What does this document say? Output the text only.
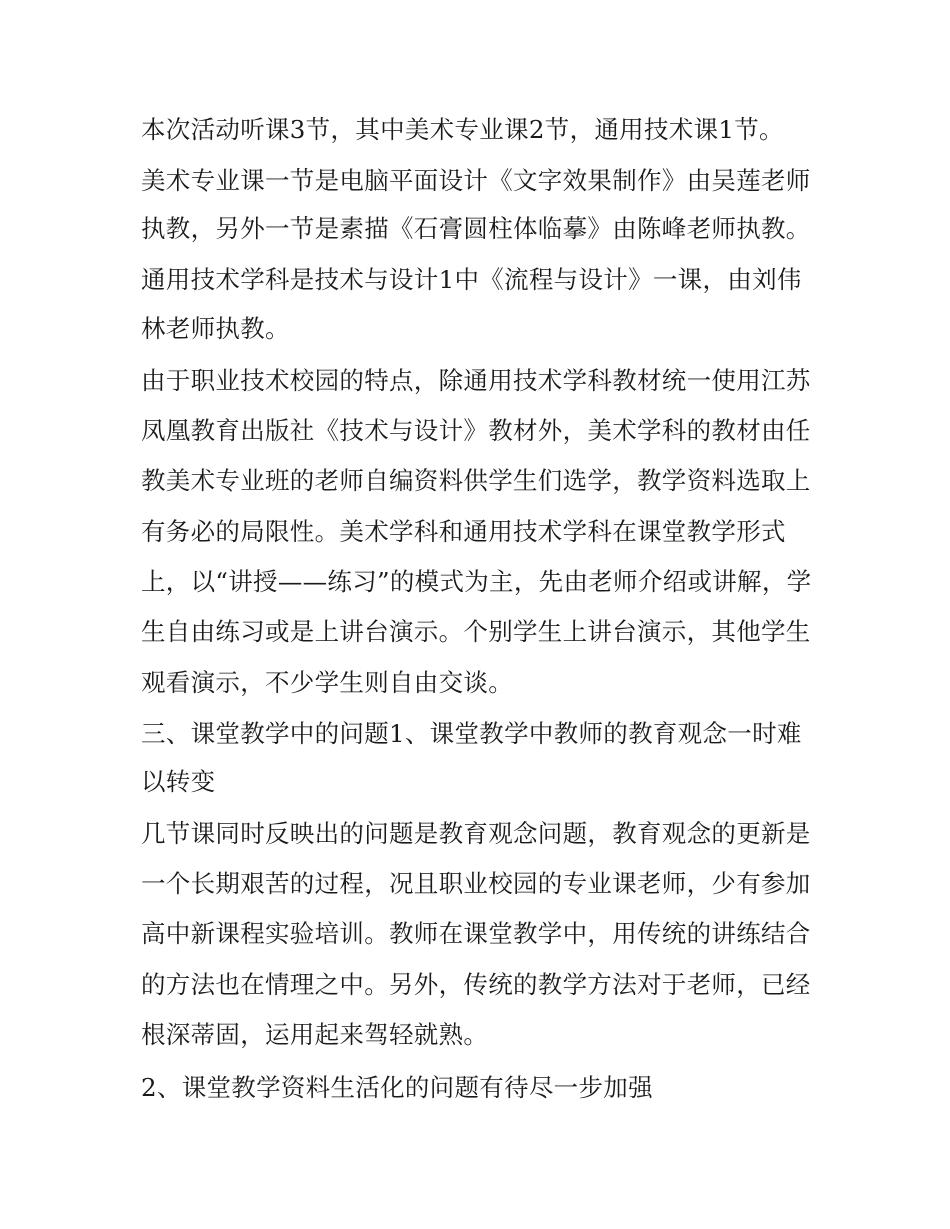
本次活动听课3节，其中美术专业课2节，通用技术课1节。
美术专业课一节是电脑平面设计《文字效果制作》由吴莲老师
执教，另外一节是素描《石膏圆柱体临摹》由陈峰老师执教。
通用技术学科是技术与设计1中《流程与设计》一课，由刘伟
林老师执教。
由于职业技术校园的特点，除通用技术学科教材统一使用江苏
凤凰教育出版社《技术与设计》教材外，美术学科的教材由任
教美术专业班的老师自编资料供学生们选学，教学资料选取上
有务必的局限性。美术学科和通用技术学科在课堂教学形式
上，以“讲授——练习”的模式为主，先由老师介绍或讲解，学
生自由练习或是上讲台演示。个别学生上讲台演示，其他学生
观看演示，不少学生则自由交谈。
三、课堂教学中的问题1、课堂教学中教师的教育观念一时难
以转变
几节课同时反映出的问题是教育观念问题，教育观念的更新是
一个长期艰苦的过程，况且职业校园的专业课老师，少有参加
高中新课程实验培训。教师在课堂教学中，用传统的讲练结合
的方法也在情理之中。另外，传统的教学方法对于老师，已经
根深蒂固，运用起来驾轻就熟。
2、课堂教学资料生活化的问题有待尽一步加强
